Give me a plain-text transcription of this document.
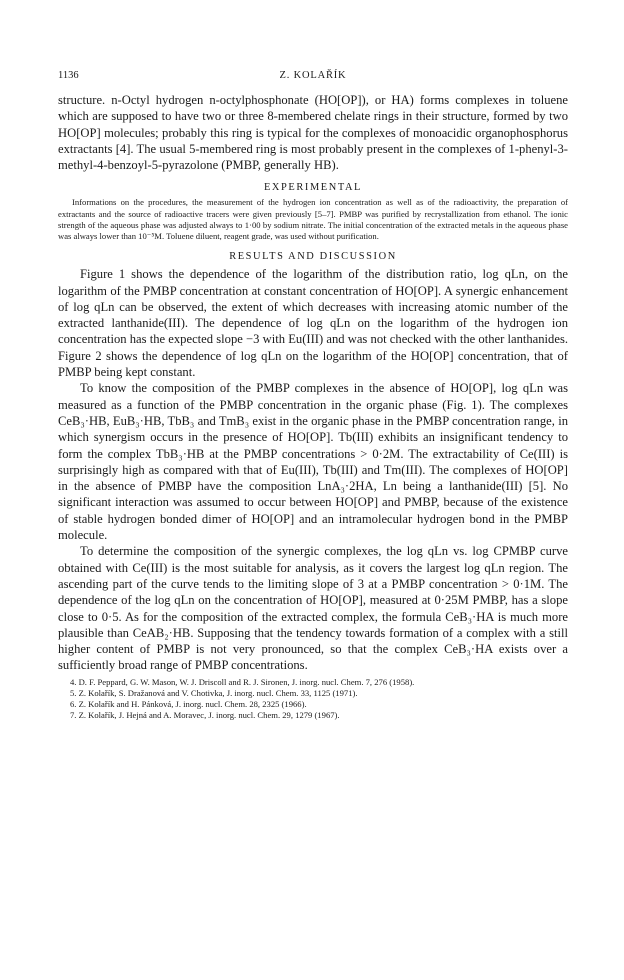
1136	Z. KOLAŘÍK

structure. n-Octyl hydrogen n-octylphosphonate (HO[OP]), or HA) forms complexes in toluene which are supposed to have two or three 8-membered chelate rings in their structure, formed by two HO[OP] molecules; probably this ring is typical for the complexes of monoacidic organophosphorus extractants [4]. The usual 5-membered ring is most probably present in the complexes of 1-phenyl-3-methyl-4-benzoyl-5-pyrazolone (PMBP, generally HB).

EXPERIMENTAL

Informations on the procedures, the measurement of the hydrogen ion concentration as well as of the radioactivity, the preparation of extractants and the source of radioactive tracers were given previously [5–7]. PMBP was purified by recrystallization from ethanol. The ionic strength of the aqueous phase was adjusted always to 1·00 by sodium nitrate. The initial concentration of the extracted metals in the aqueous phase was always lower than 10⁻⁵M. Toluene diluent, reagent grade, was used without purification.

RESULTS AND DISCUSSION

Figure 1 shows the dependence of the logarithm of the distribution ratio, log qLn, on the logarithm of the PMBP concentration at constant concentration of HO[OP]. A synergic enhancement of log qLn can be observed, the extent of which decreases with increasing atomic number of the extracted lanthanide(III). The dependence of log qLn on the logarithm of the hydrogen ion concentration has the expected slope −3 with Eu(III) and was not checked with the other lanthanides. Figure 2 shows the dependence of log qLn on the logarithm of the HO[OP] concentration, that of PMBP being kept constant.

To know the composition of the PMBP complexes in the absence of HO[OP], log qLn was measured as a function of the PMBP concentration in the organic phase (Fig. 1). The complexes CeB₃·HB, EuB₃·HB, TbB₃ and TmB₃ exist in the organic phase in the PMBP concentration range, in which synergism occurs in the presence of HO[OP]. Tb(III) exhibits an insignificant tendency to form the complex TbB₃·HB at the PMBP concentrations > 0·2M. The extractability of Ce(III) is surprisingly high as compared with that of Eu(III), Tb(III) and Tm(III). The complexes of HO[OP] in the absence of PMBP have the composition LnA₃·2HA, Ln being a lanthanide(III) [5]. No significant interaction was assumed to occur between HO[OP] and PMBP, because of the existence of stable hydrogen bonded dimer of HO[OP] and an intramolecular hydrogen bond in the PMBP molecule.

To determine the composition of the synergic complexes, the log qLn vs. log CPMBP curve obtained with Ce(III) is the most suitable for analysis, as it covers the largest log qLn region. The ascending part of the curve tends to the limiting slope of 3 at a PMBP concentration > 0·1M. The dependence of the log qLn on the concentration of HO[OP], measured at 0·25M PMBP, has a slope close to 0·5. As for the composition of the extracted complex, the formula CeB₃·HA is much more plausible than CeAB₂·HB. Supposing that the tendency towards formation of a complex with a still higher content of PMBP is not very pronounced, so that the complex CeB₃·HA exists over a sufficiently broad range of PMBP concentrations.

4. D. F. Peppard, G. W. Mason, W. J. Driscoll and R. J. Sironen, J. inorg. nucl. Chem. 7, 276 (1958).

5. Z. Kolařík, S. Dražanová and V. Chotivka, J. inorg. nucl. Chem. 33, 1125 (1971).

6. Z. Kolařík and H. Pánková, J. inorg. nucl. Chem. 28, 2325 (1966).

7. Z. Kolařík, J. Hejná and A. Moravec, J. inorg. nucl. Chem. 29, 1279 (1967).
